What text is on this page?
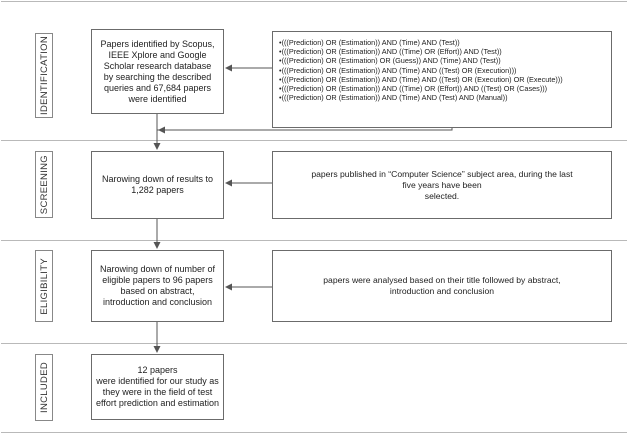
IDENTIFICATION
SCREENING
ELIGIBILITY
INCLUDED
Papers identified by Scopus,
IEEE Xplore and Google
Scholar research database
by searching the described
queries and 67,684 papers
were identified
Narowing down of results to
1,282 papers
Narowing down of number of
eligible papers to 96 papers
based on abstract,
introduction and conclusion
12 papers
were identified for our study as
they were in the field of test
effort prediction and estimation
• (((Prediction) OR (Estimation)) AND (Time) AND (Test))
• (((Prediction) OR (Estimation)) AND ((Time) OR (Effort)) AND (Test))
• (((Prediction) OR (Estimation) OR (Guess)) AND (Time) AND (Test))
• (((Prediction) OR (Estimation)) AND (Time) AND ((Test) OR (Execution)))
• (((Prediction) OR (Estimation)) AND (Time) AND ((Test) OR (Execution) OR (Execute)))
• (((Prediction) OR (Estimation)) AND ((Time) OR (Effort)) AND ((Test) OR (Cases)))
• (((Prediction) OR (Estimation)) AND (Time) AND (Test) AND (Manual))
papers published in “Computer Science” subject area, during the last
five years have been
selected.
papers were analysed based on their title followed by abstract,
introduction and conclusion
